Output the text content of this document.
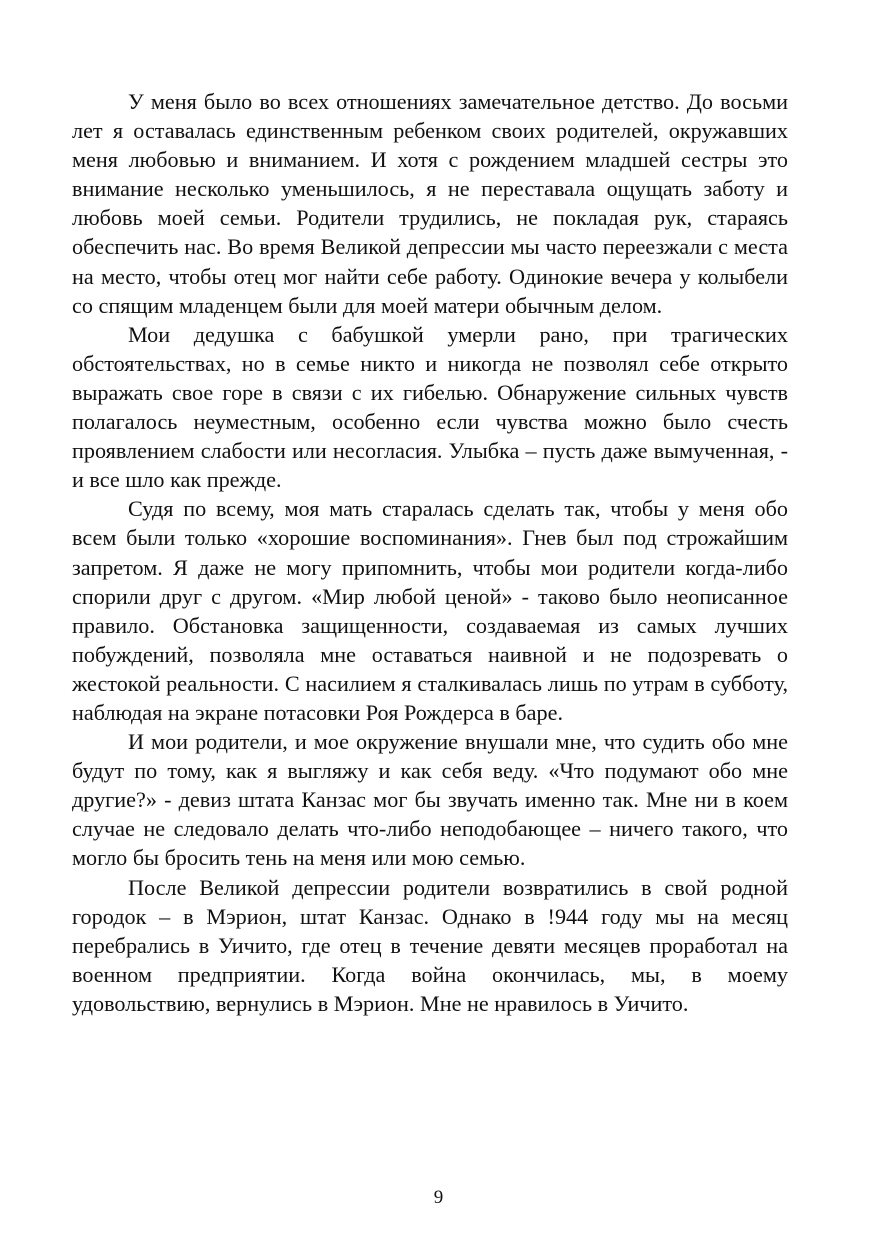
У меня было во всех отношениях замечательное детство. До восьми лет я оставалась единственным ребенком своих родителей, окружавших меня любовью и вниманием. И хотя с рождением младшей сестры это внимание несколько уменьшилось, я не переставала ощущать заботу и любовь моей семьи. Родители трудились, не покладая рук, стараясь обеспечить нас. Во время Великой депрессии мы часто переезжали с места на место, чтобы отец мог найти себе работу. Одинокие вечера у колыбели со спящим младенцем были для моей матери обычным делом.

Мои дедушка с бабушкой умерли рано, при трагических обстоятельствах, но в семье никто и никогда не позволял себе открыто выражать свое горе в связи с их гибелью. Обнаружение сильных чувств полагалось неуместным, особенно если чувства можно было счесть проявлением слабости или несогласия. Улыбка – пусть даже вымученная, - и все шло как прежде.

Судя по всему, моя мать старалась сделать так, чтобы у меня обо всем были только «хорошие воспоминания». Гнев был под строжайшим запретом. Я даже не могу припомнить, чтобы мои родители когда-либо спорили друг с другом. «Мир любой ценой» - таково было неописанное правило. Обстановка защищенности, создаваемая из самых лучших побуждений, позволяла мне оставаться наивной и не подозревать о жестокой реальности. С насилием я сталкивалась лишь по утрам в субботу, наблюдая на экране потасовки Роя Рождерса в баре.

И мои родители, и мое окружение внушали мне, что судить обо мне будут по тому, как я выгляжу и как себя веду. «Что подумают обо мне другие?» - девиз штата Канзас мог бы звучать именно так. Мне ни в коем случае не следовало делать что-либо неподобающее – ничего такого, что могло бы бросить тень на меня или мою семью.

После Великой депрессии родители возвратились в свой родной городок – в Мэрион, штат Канзас. Однако в !944 году мы на месяц перебрались в Уичито, где отец в течение девяти месяцев проработал на военном предприятии. Когда война окончилась, мы, в моему удовольствию, вернулись в Мэрион. Мне не нравилось в Уичито.

9
